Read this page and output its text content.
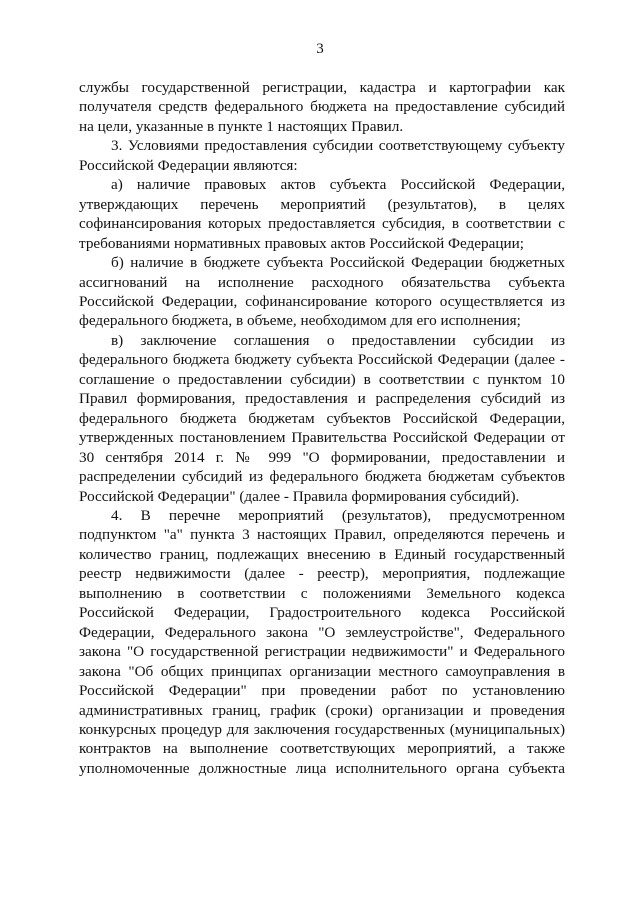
3

службы государственной регистрации, кадастра и картографии как получателя средств федерального бюджета на предоставление субсидий на цели, указанные в пункте 1 настоящих Правил.

3. Условиями предоставления субсидии соответствующему субъекту Российской Федерации являются:

а) наличие правовых актов субъекта Российской Федерации, утверждающих перечень мероприятий (результатов), в целях софинансирования которых предоставляется субсидия, в соответствии с требованиями нормативных правовых актов Российской Федерации;

б) наличие в бюджете субъекта Российской Федерации бюджетных ассигнований на исполнение расходного обязательства субъекта Российской Федерации, софинансирование которого осуществляется из федерального бюджета, в объеме, необходимом для его исполнения;

в) заключение соглашения о предоставлении субсидии из федерального бюджета бюджету субъекта Российской Федерации (далее - соглашение о предоставлении субсидии) в соответствии с пунктом 10 Правил формирования, предоставления и распределения субсидий из федерального бюджета бюджетам субъектов Российской Федерации, утвержденных постановлением Правительства Российской Федерации от 30 сентября 2014 г. № 999 "О формировании, предоставлении и распределении субсидий из федерального бюджета бюджетам субъектов Российской Федерации" (далее - Правила формирования субсидий).

4. В перечне мероприятий (результатов), предусмотренном подпунктом "а" пункта 3 настоящих Правил, определяются перечень и количество границ, подлежащих внесению в Единый государственный реестр недвижимости (далее - реестр), мероприятия, подлежащие выполнению в соответствии с положениями Земельного кодекса Российской Федерации, Градостроительного кодекса Российской Федерации, Федерального закона "О землеустройстве", Федерального закона "О государственной регистрации недвижимости" и Федерального закона "Об общих принципах организации местного самоуправления в Российской Федерации" при проведении работ по установлению административных границ, график (сроки) организации и проведения конкурсных процедур для заключения государственных (муниципальных) контрактов на выполнение соответствующих мероприятий, а также уполномоченные должностные лица исполнительного органа субъекта
